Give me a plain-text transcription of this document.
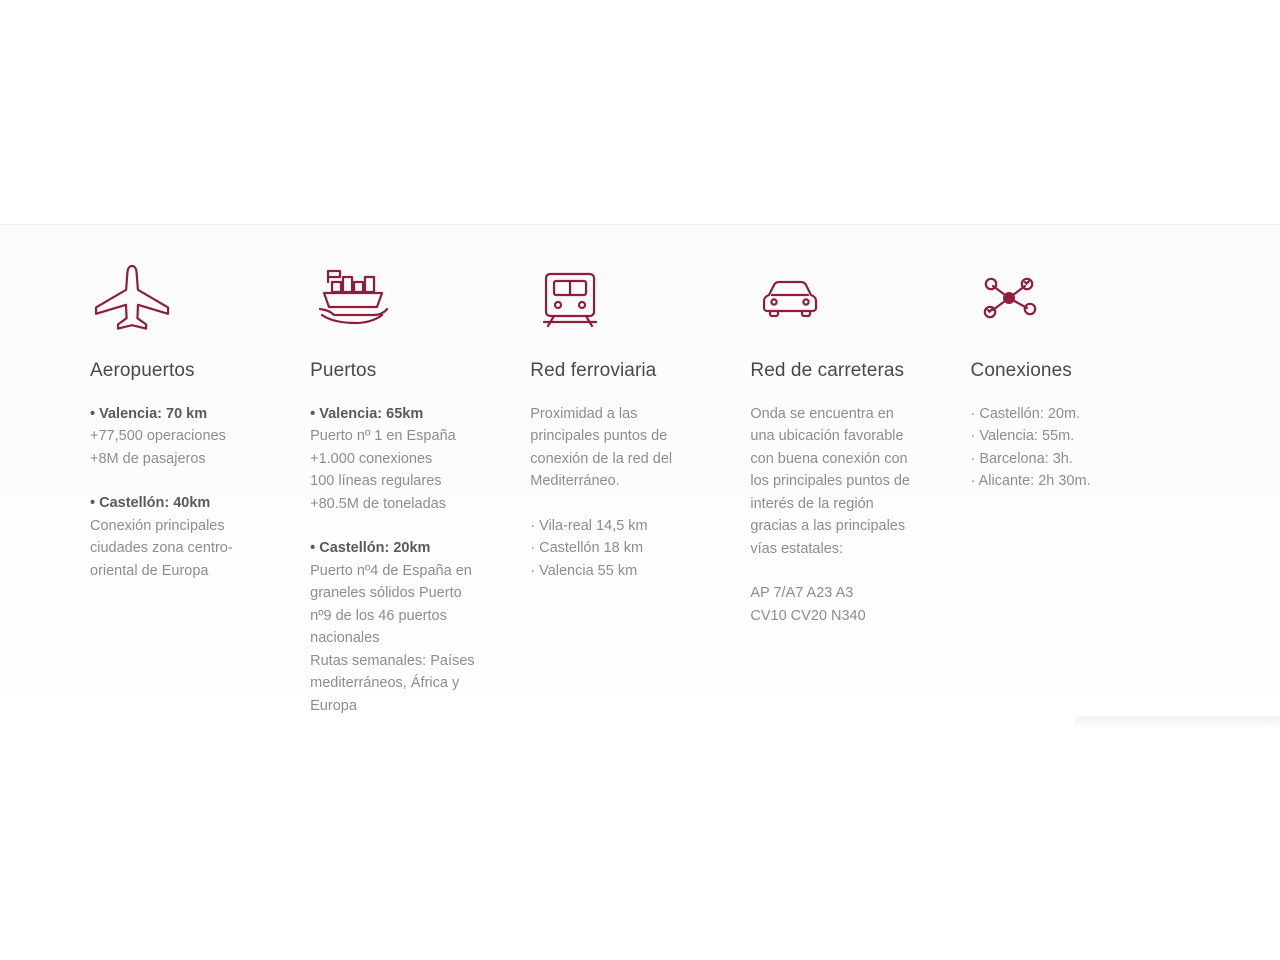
Aeropuertos
• Valencia: 70 km
+77,500 operaciones
+8M de pasajeros
• Castellón: 40km
Conexión principales
ciudades zona centro-
oriental de Europa
Puertos
• Valencia: 65km
Puerto nº 1 en España
+1.000 conexiones
100 líneas regulares
+80.5M de toneladas
• Castellón: 20km
Puerto nº4 de España en
graneles sólidos Puerto
nº9 de los 46 puertos
nacionales
Rutas semanales: Países
mediterráneos, África y
Europa
Red ferroviaria
Proximidad a las
principales puntos de
conexión de la red del
Mediterráneo.
· Vila-real 14,5 km
· Castellón 18 km
· Valencia 55 km
Red de carreteras
Onda se encuentra en
una ubicación favorable
con buena conexión con
los principales puntos de
interés de la región
gracias a las principales
vías estatales:
AP 7/A7 A23 A3
CV10 CV20 N340
Conexiones
· Castellón: 20m.
· Valencia: 55m.
· Barcelona: 3h.
· Alicante: 2h 30m.
